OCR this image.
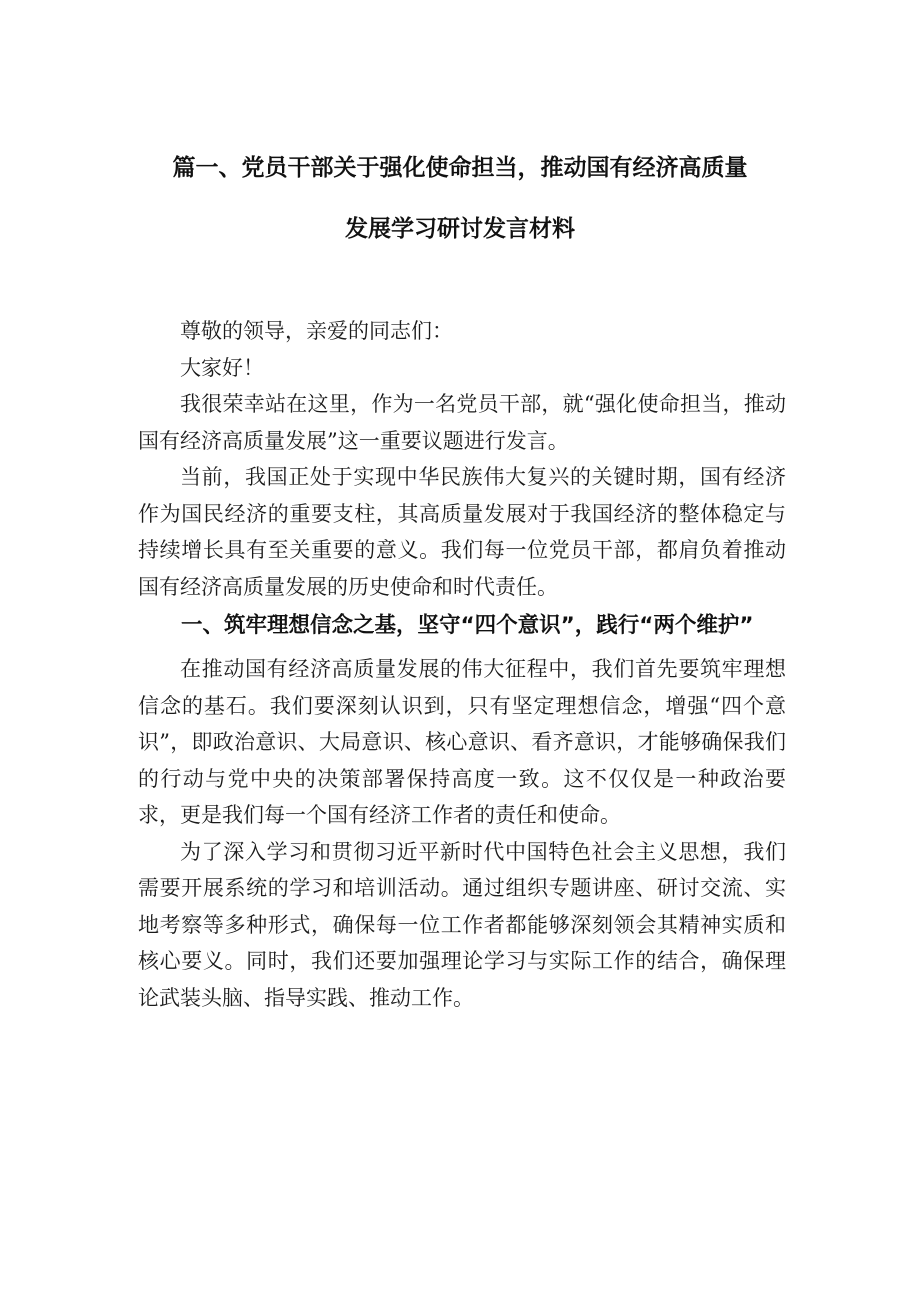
篇一、党员干部关于强化使命担当，推动国有经济高质量
发展学习研讨发言材料

尊敬的领导，亲爱的同志们：

大家好！

我很荣幸站在这里，作为一名党员干部，就“强化使命担当，推动国有经济高质量发展”这一重要议题进行发言。

当前，我国正处于实现中华民族伟大复兴的关键时期，国有经济作为国民经济的重要支柱，其高质量发展对于我国经济的整体稳定与持续增长具有至关重要的意义。我们每一位党员干部，都肩负着推动国有经济高质量发展的历史使命和时代责任。

一、筑牢理想信念之基，坚守“四个意识”，践行“两个维护”

在推动国有经济高质量发展的伟大征程中，我们首先要筑牢理想信念的基石。我们要深刻认识到，只有坚定理想信念，增强“四个意识”，即政治意识、大局意识、核心意识、看齐意识，才能够确保我们的行动与党中央的决策部署保持高度一致。这不仅仅是一种政治要求，更是我们每一个国有经济工作者的责任和使命。

为了深入学习和贯彻习近平新时代中国特色社会主义思想，我们需要开展系统的学习和培训活动。通过组织专题讲座、研讨交流、实地考察等多种形式，确保每一位工作者都能够深刻领会其精神实质和核心要义。同时，我们还要加强理论学习与实际工作的结合，确保理论武装头脑、指导实践、推动工作。
